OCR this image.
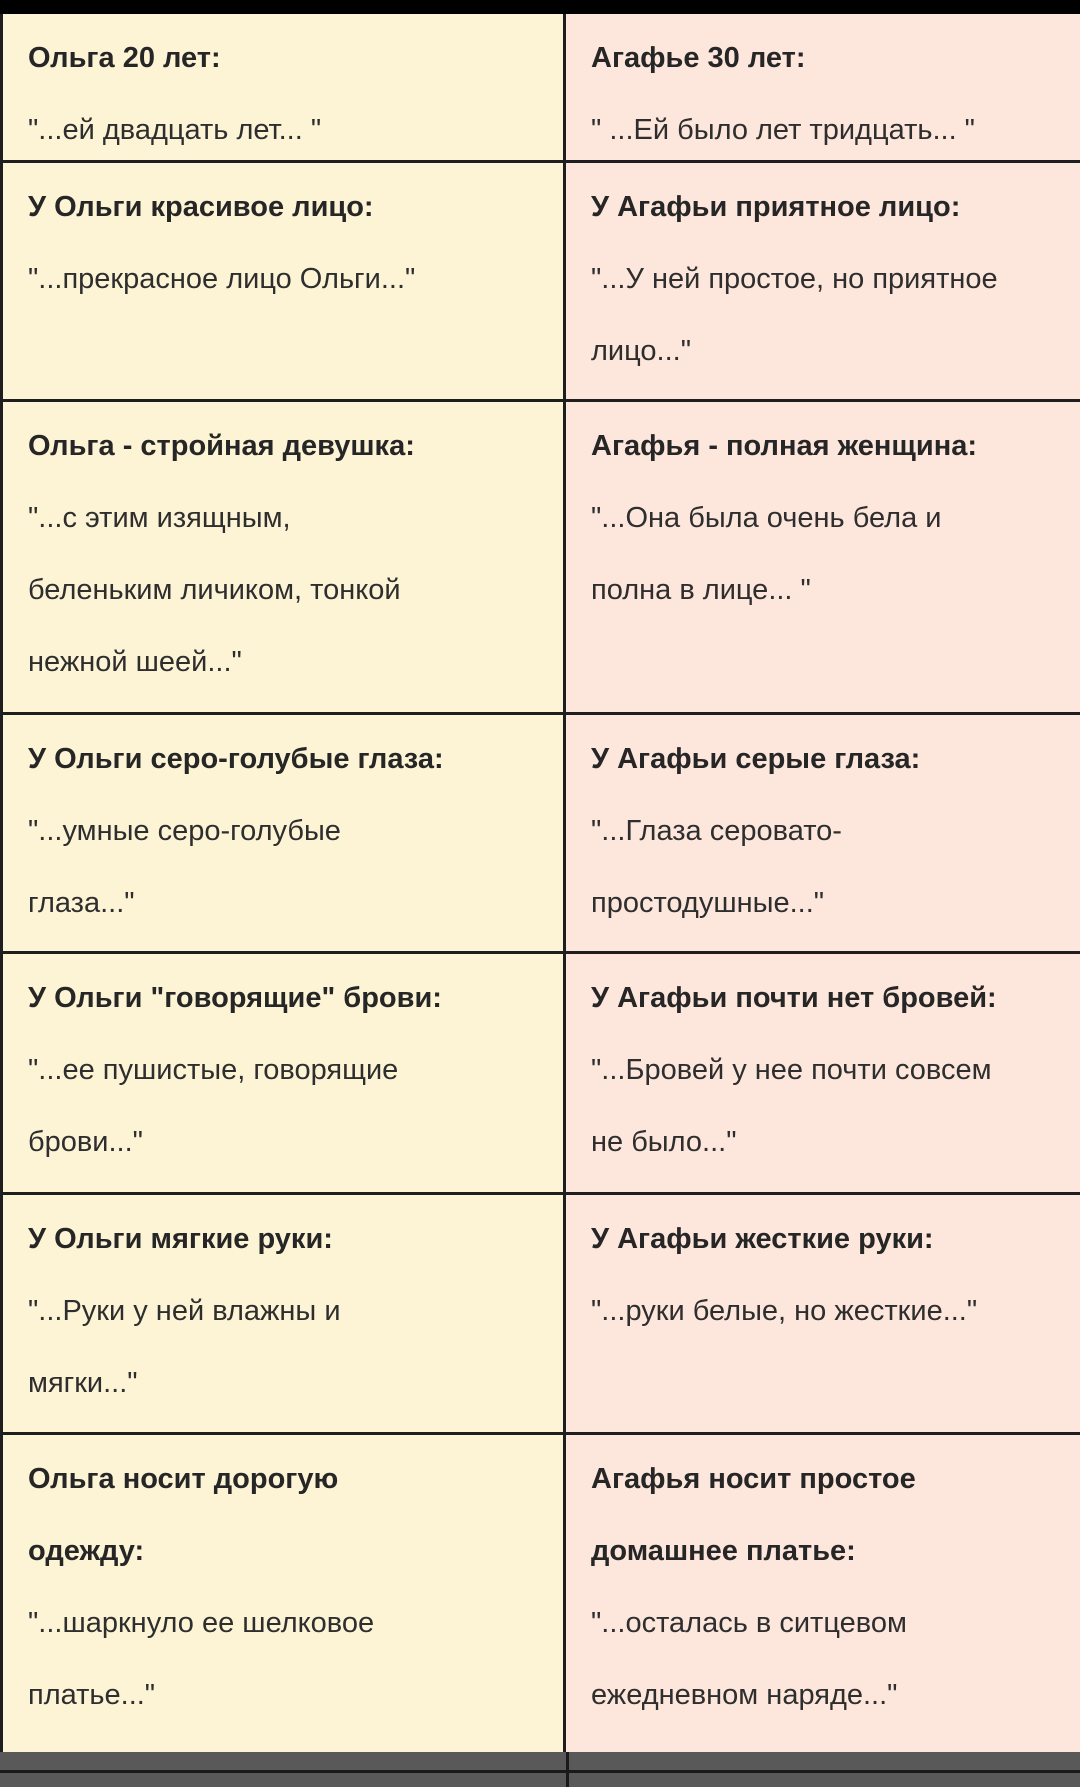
Ольга 20 лет:
"...ей двадцать лет... "
Агафье 30 лет:
" ...Ей было лет тридцать... "
У Ольги красивое лицо:
"...прекрасное лицо Ольги..."
У Агафьи приятное лицо:
"...У ней простое, но приятное
лицо..."
Ольга - стройная девушка:
"...с этим изящным,
беленьким личиком, тонкой
нежной шеей..."
Агафья - полная женщина:
"...Она была очень бела и
полна в лице... "
У Ольги серо-голубые глаза:
"...умные серо-голубые
глаза..."
У Агафьи серые глаза:
"...Глаза серовато-
простодушные..."
У Ольги "говорящие" брови:
"...ее пушистые, говорящие
брови..."
У Агафьи почти нет бровей:
"...Бровей у нее почти совсем
не было..."
У Ольги мягкие руки:
"...Руки у ней влажны и
мягки..."
У Агафьи жесткие руки:
"...руки белые, но жесткие..."
Ольга носит дорогую
одежду:
"...шаркнуло ее шелковое
платье..."
Агафья носит простое
домашнее платье:
"...осталась в ситцевом
ежедневном наряде..."
